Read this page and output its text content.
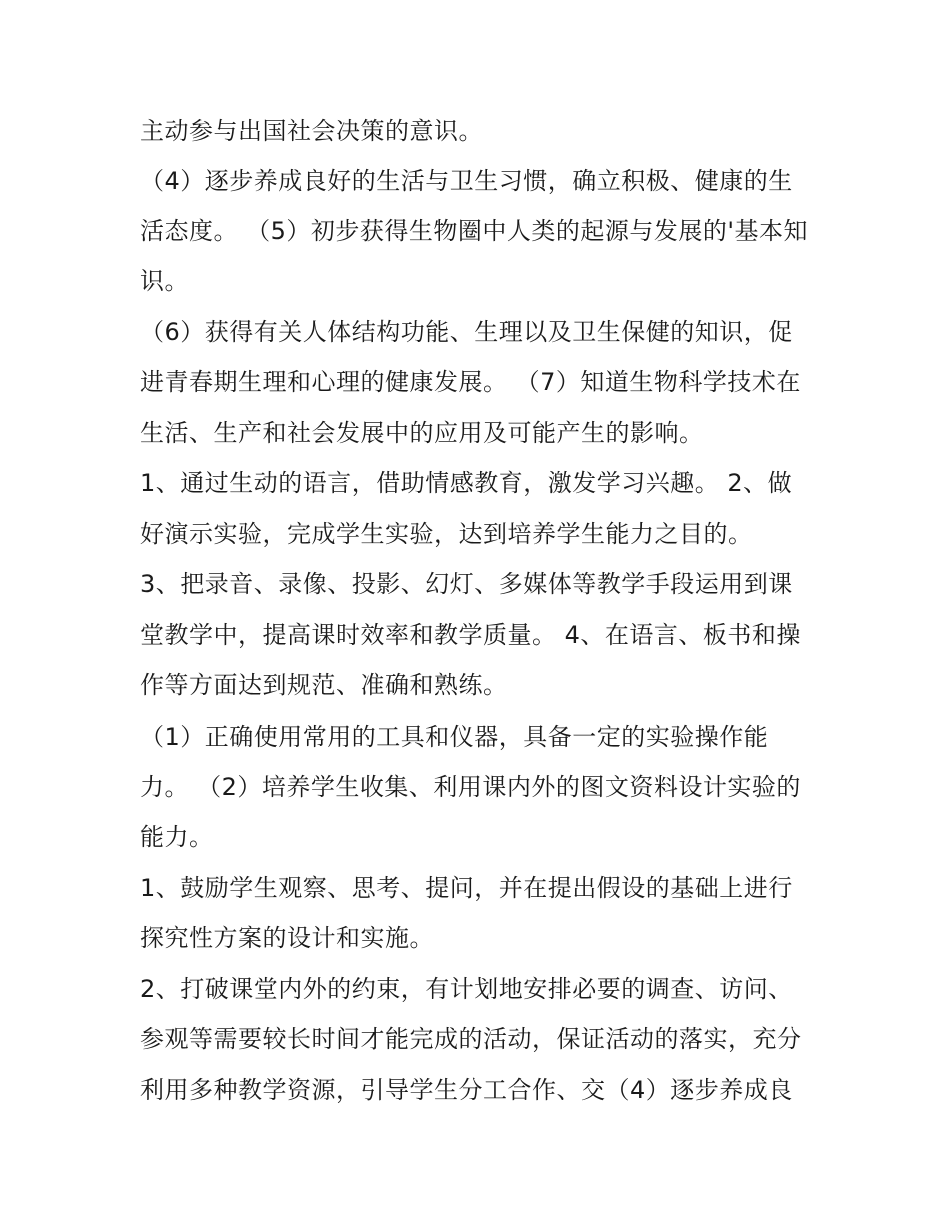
主动参与出国社会决策的意识。

（4）逐步养成良好的生活与卫生习惯，确立积极、健康的生

活态度。 （5）初步获得生物圈中人类的起源与发展的'基本知

识。

（6）获得有关人体结构功能、生理以及卫生保健的知识，促

进青春期生理和心理的健康发展。 （7）知道生物科学技术在

生活、生产和社会发展中的应用及可能产生的影响。

1、通过生动的语言，借助情感教育，激发学习兴趣。 2、做

好演示实验，完成学生实验，达到培养学生能力之目的。

3、把录音、录像、投影、幻灯、多媒体等教学手段运用到课

堂教学中，提高课时效率和教学质量。 4、在语言、板书和操

作等方面达到规范、准确和熟练。

（1）正确使用常用的工具和仪器，具备一定的实验操作能

力。 （2）培养学生收集、利用课内外的图文资料设计实验的

能力。

1、鼓励学生观察、思考、提问，并在提出假设的基础上进行

探究性方案的设计和实施。

2、打破课堂内外的约束，有计划地安排必要的调查、访问、

参观等需要较长时间才能完成的活动，保证活动的落实，充分

利用多种教学资源，引导学生分工合作、交（4）逐步养成良
